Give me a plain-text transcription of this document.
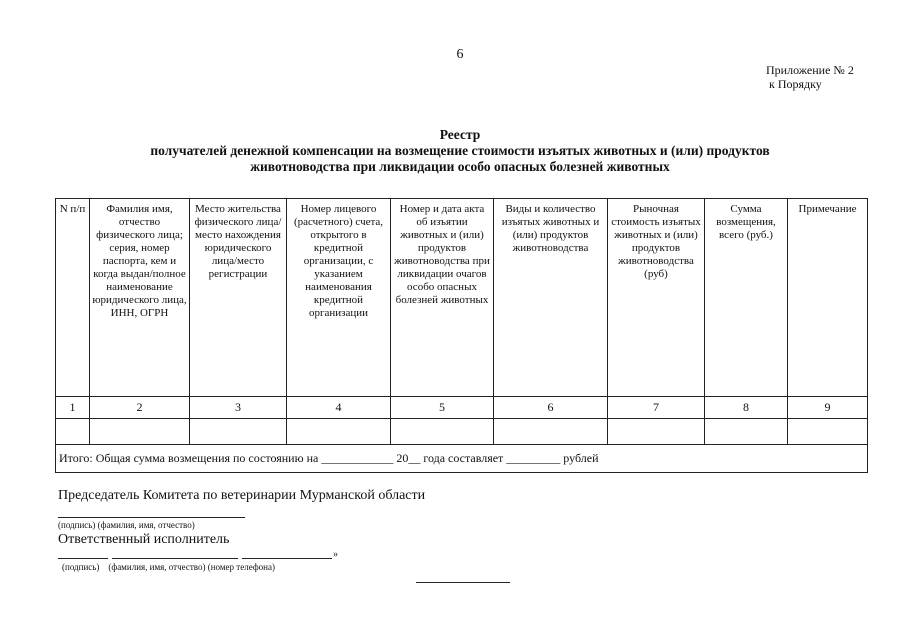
6
Приложение № 2
к Порядку
Реестр
получателей денежной компенсации на возмещение стоимости изъятых животных и (или) продуктов
животноводства при ликвидации особо опасных болезней животных
N п/п	Фамилия имя, отчество физического лица; серия, номер паспорта, кем и когда выдан/полное наименование юридического лица, ИНН, ОГРН	Место жительства физического лица/место нахождения юридического лица/место регистрации	Номер лицевого (расчетного) счета, открытого в кредитной организации, с указанием наименования кредитной организации	Номер и дата акта об изъятии животных и (или) продуктов животноводства при ликвидации очагов особо опасных болезней животных	Виды и количество изъятых животных и (или) продуктов животноводства	Рыночная стоимость изъятых животных и (или) продуктов животноводства (руб)	Сумма возмещения, всего (руб.)	Примечание
1	2	3	4	5	6	7	8	9

Итого: Общая сумма возмещения по состоянию на ____________ 20__ года составляет _________ рублей								
Председатель Комитета по ветеринарии Мурманской области
(подпись) (фамилия, имя, отчество)
Ответственный исполнитель
»
(подпись)    (фамилия, имя, отчество) (номер телефона)
